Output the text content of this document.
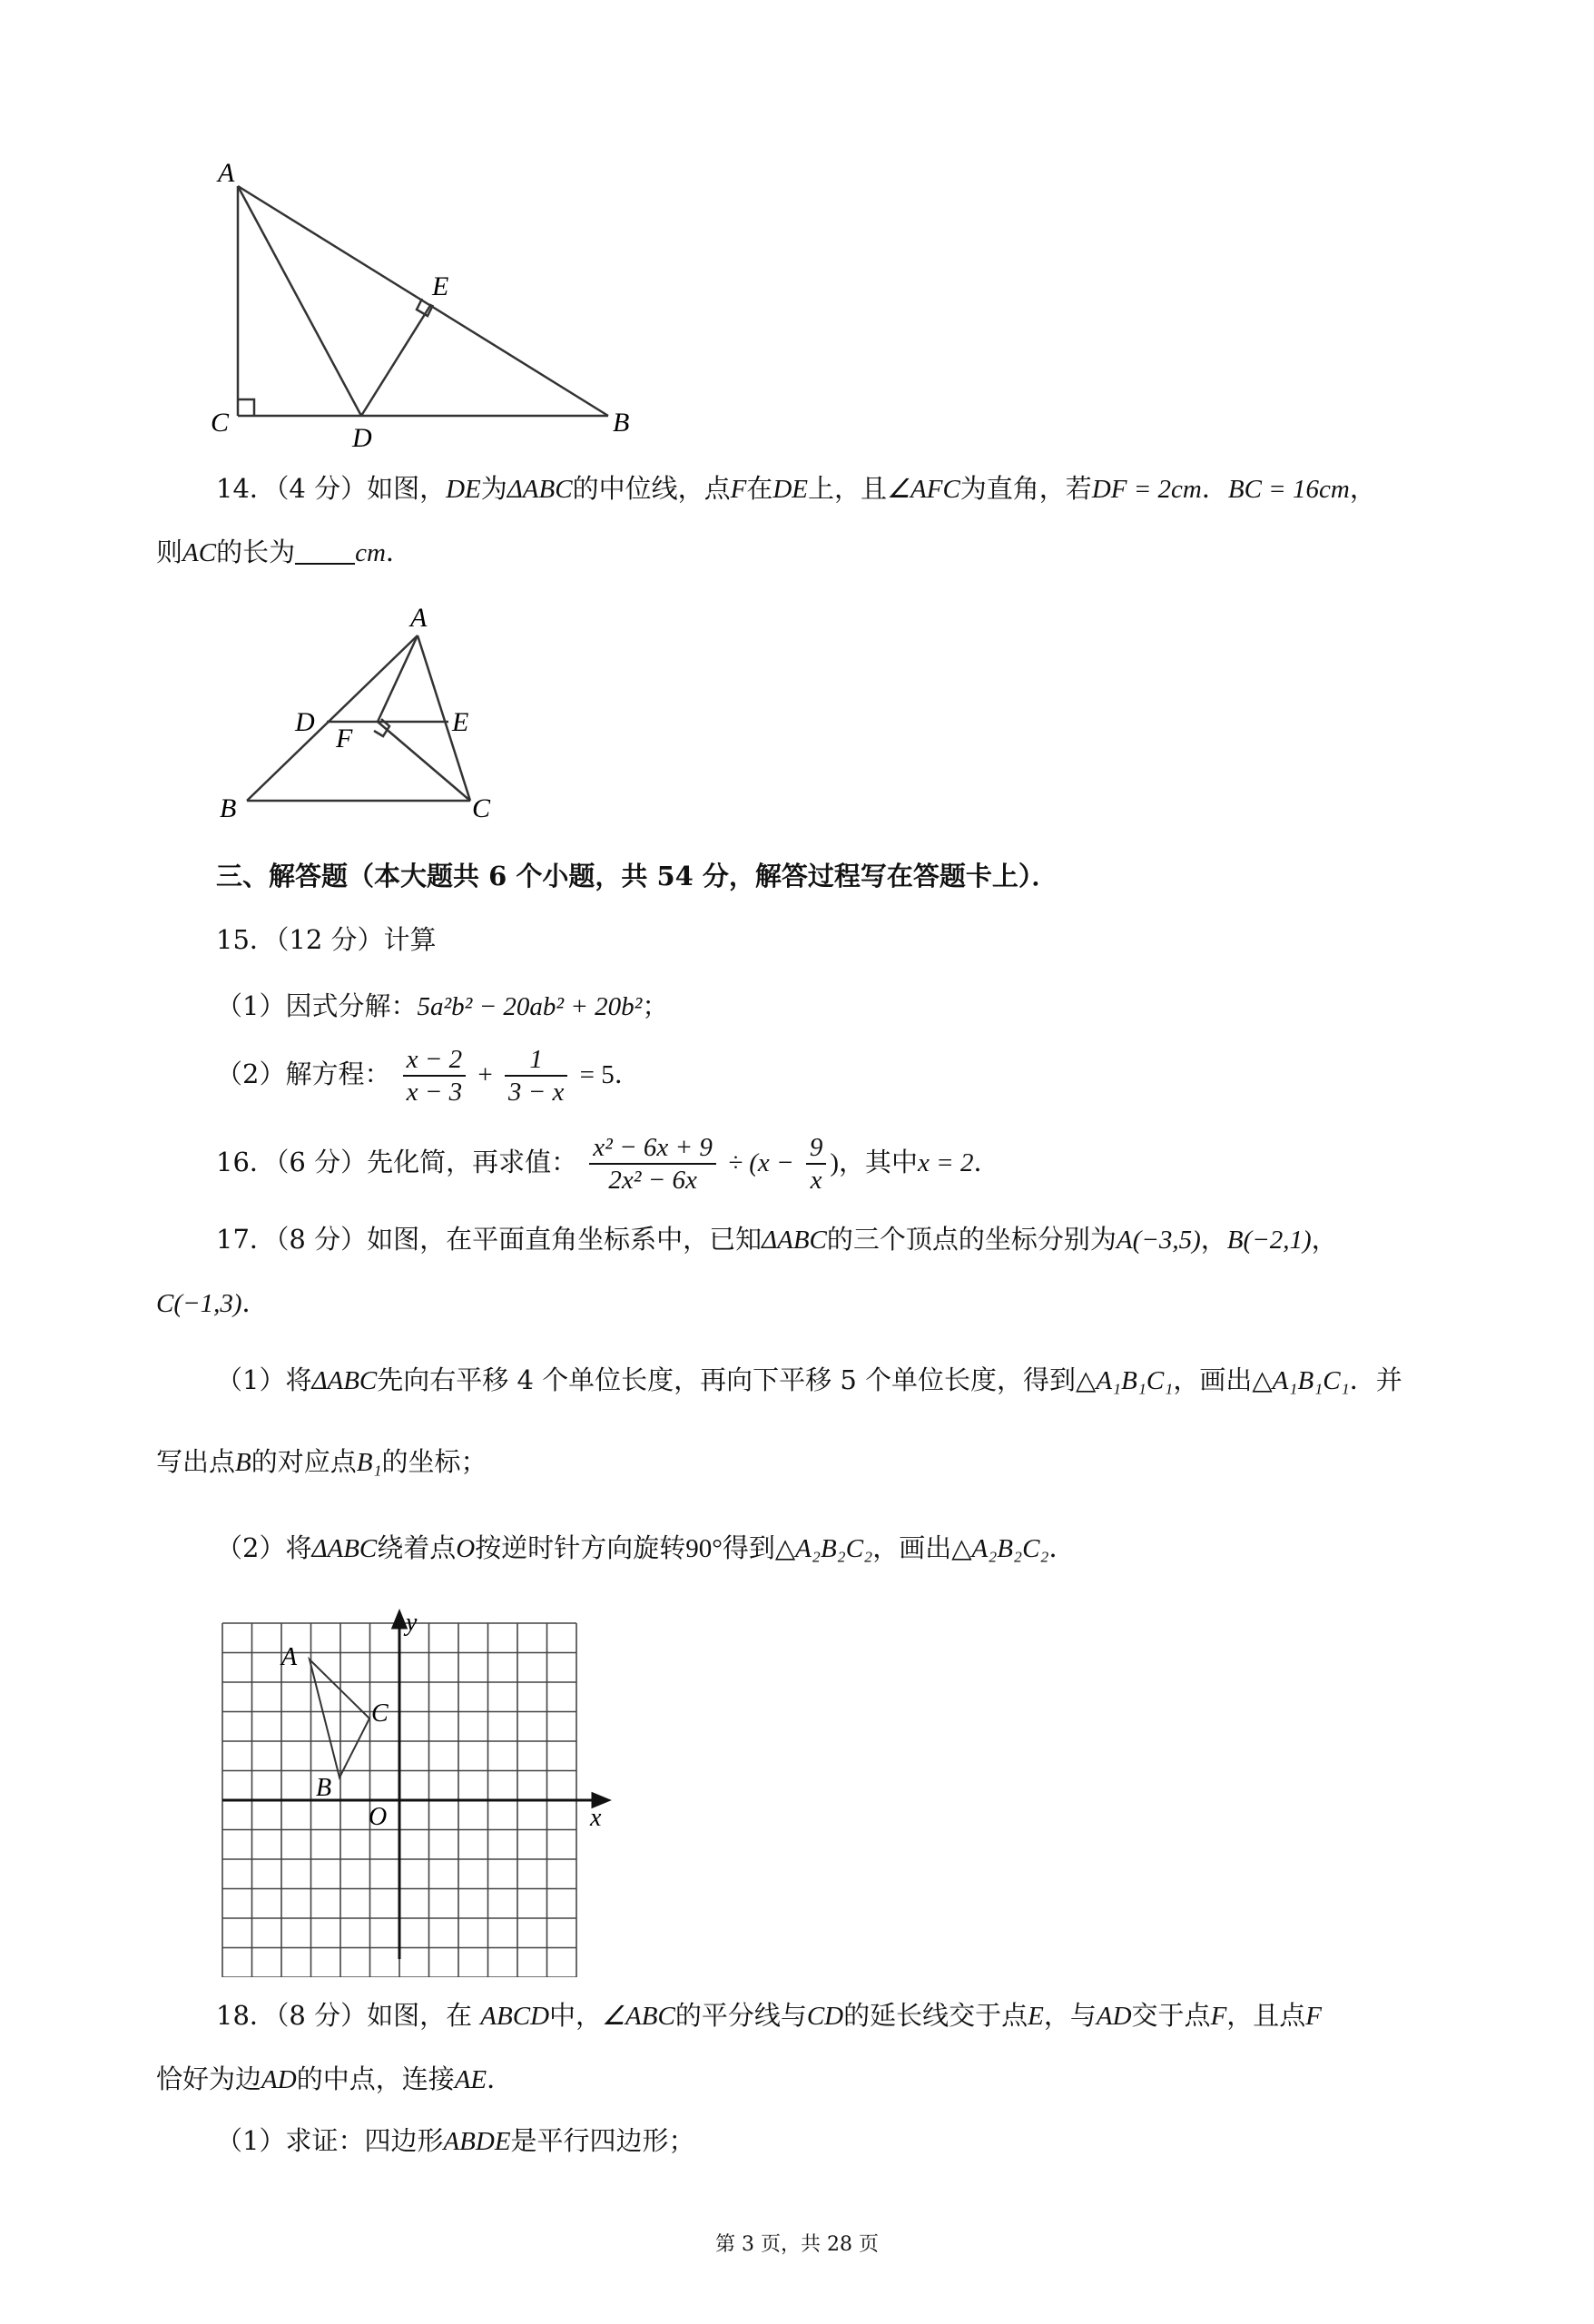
A
E
C
D
B
14．（4 分）如图，DE为ΔABC的中位线，点F在DE上，且∠AFC为直角，若DF = 2cm．BC = 16cm，
则AC的长为 cm．
A
D	E
F
B	C
三、解答题（本大题共 6 个小题，共 54 分，解答过程写在答题卡上）．
15．（12 分）计算
（1）因式分解：5a²b² − 20ab² + 20b²；
（2）解方程： $\frac{x - 2}{x - 3} + \frac{1}{3 - x} = 5$．
16．（6 分）先化简，再求值： $\frac{\text{x² − 6x + 9}}{\text{2x² − 6x}} \div (x - \frac{9}{x}$ )，其中x = 2．
17．（8 分）如图，在平面直角坐标系中，已知ΔABC的三个顶点的坐标分别为A(−3,5)，B(−2,1)，
C(−1,3)．
（1）将ΔABC先向右平移 4 个单位长度，再向下平移 5 个单位长度，得到△A₁B₁C₁，画出△A₁B₁C₁．并
写出点B的对应点B₁的坐标；
（2）将ΔABC绕着点O按逆时针方向旋转90°得到△A₂B₂C₂，画出△A₂B₂C₂．
y
x
A
C
B
O
18．（8 分）如图，在 ABCD中，∠ABC的平分线与CD的延长线交于点E，与AD交于点F，且点F
恰好为边AD的中点，连接AE．
（1）求证：四边形ABDE是平行四边形；
第 3 页，共 28 页
